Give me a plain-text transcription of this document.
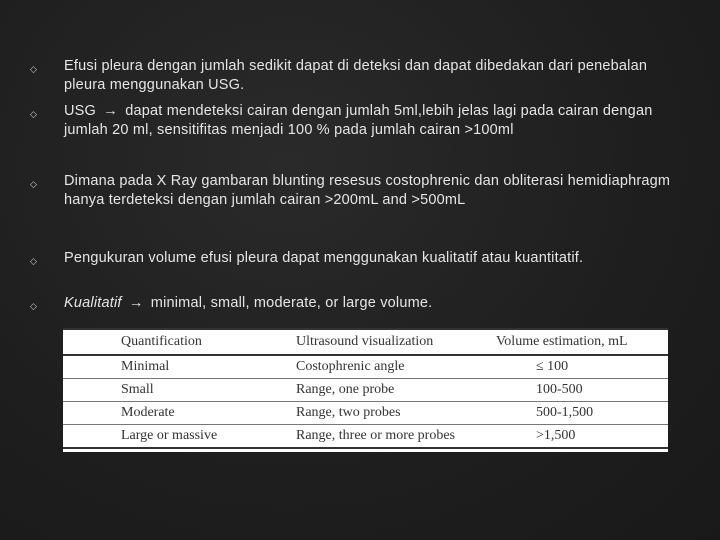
◇	Efusi pleura dengan jumlah sedikit dapat di deteksi dan dapat dibedakan dari penebalan pleura menggunakan USG.
◇	USG → dapat mendeteksi cairan dengan jumlah 5ml,lebih jelas lagi pada cairan dengan jumlah 20 ml, sensitifitas menjadi 100 % pada jumlah cairan >100ml
◇	Dimana pada X Ray gambaran blunting resesus costophrenic dan obliterasi hemidiaphragm hanya terdeteksi dengan jumlah cairan >200mL and >500mL
◇	Pengukuran volume efusi pleura dapat menggunakan kualitatif atau kuantitatif.
◇	Kualitatif → minimal, small, moderate, or large volume.
Quantification	Ultrasound visualization	Volume estimation, mL
Minimal	Costophrenic angle	≤ 100

Small	Range, one probe	100-500

Moderate	Range, two probes	500-1,500

Large or massive	Range, three or more probes	>1,500
